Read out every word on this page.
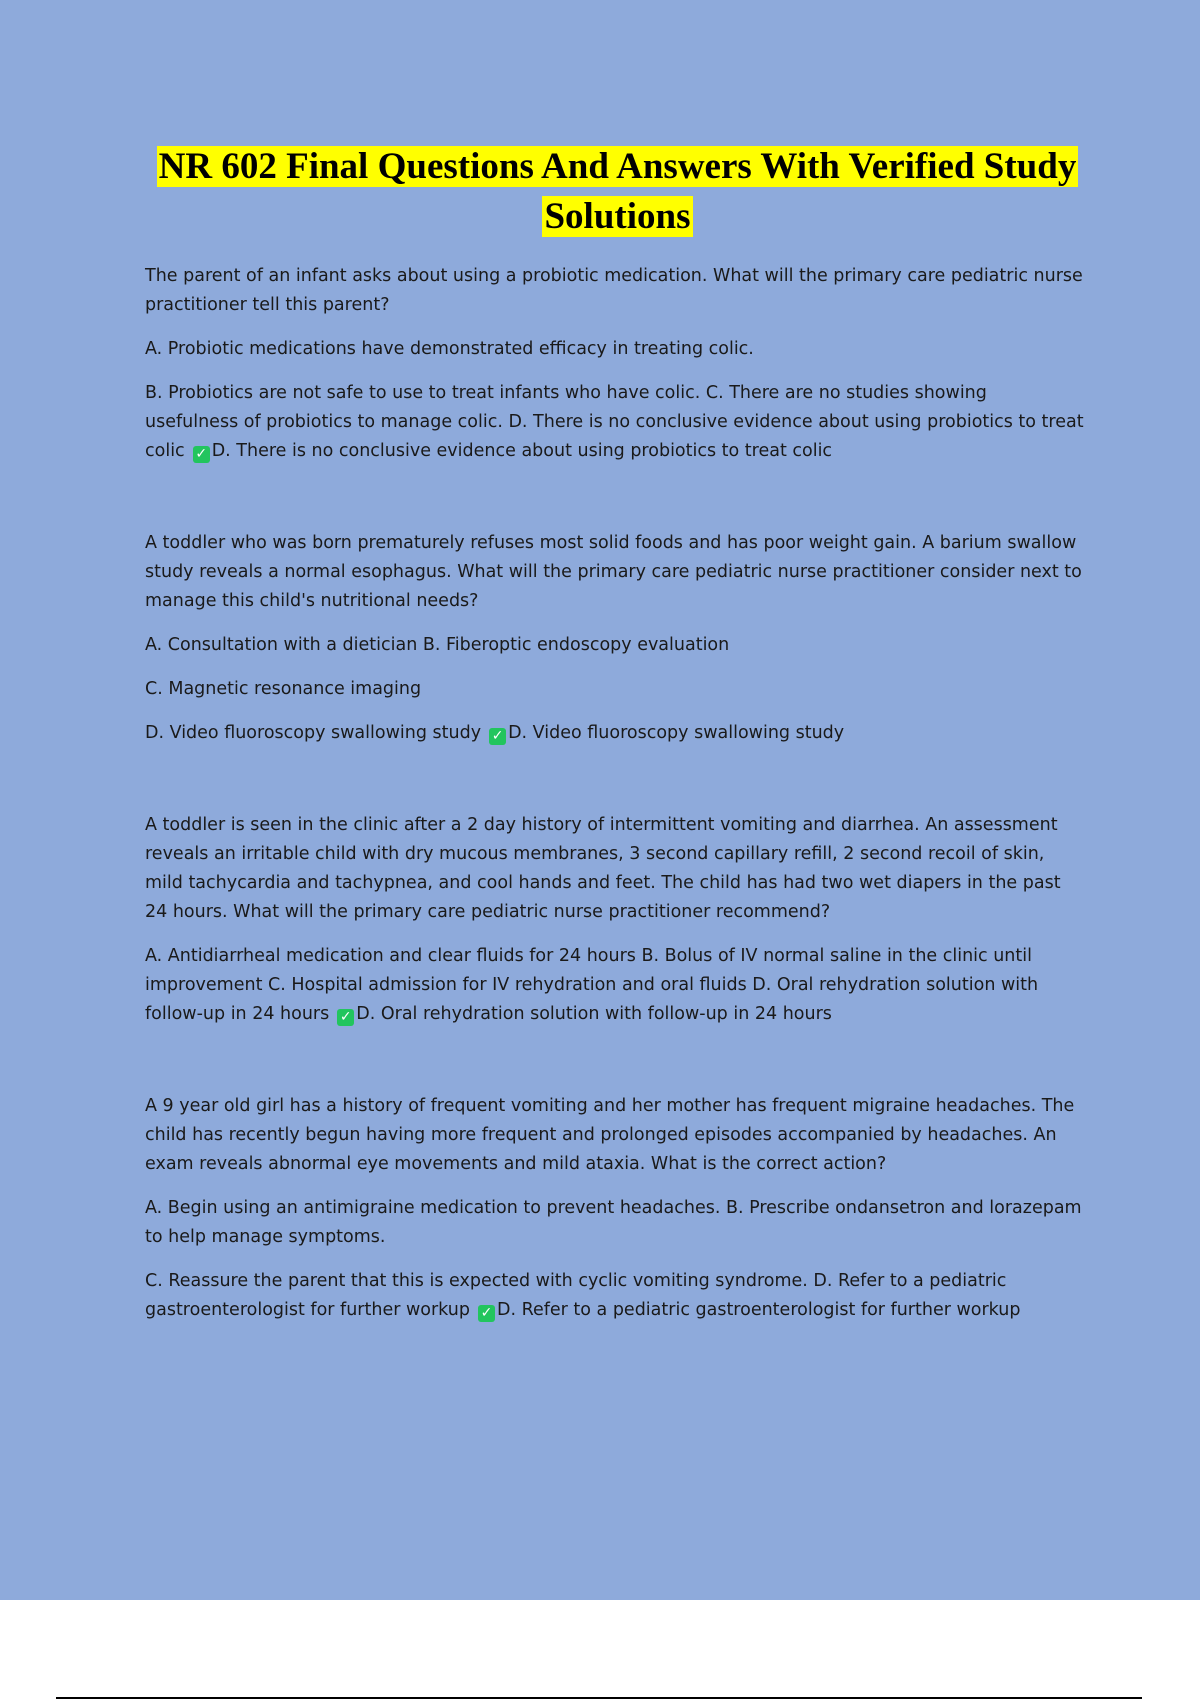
NR 602 Final Questions And Answers With Verified Study Solutions

The parent of an infant asks about using a probiotic medication. What will the primary care pediatric nurse practitioner tell this parent?

A. Probiotic medications have demonstrated efficacy in treating colic.

B. Probiotics are not safe to use to treat infants who have colic. C. There are no studies showing usefulness of probiotics to manage colic. D. There is no conclusive evidence about using probiotics to treat colic ✓ D. There is no conclusive evidence about using probiotics to treat colic

A toddler who was born prematurely refuses most solid foods and has poor weight gain. A barium swallow study reveals a normal esophagus. What will the primary care pediatric nurse practitioner consider next to manage this child's nutritional needs?

A. Consultation with a dietician B. Fiberoptic endoscopy evaluation

C. Magnetic resonance imaging

D. Video fluoroscopy swallowing study ✓ D. Video fluoroscopy swallowing study

A toddler is seen in the clinic after a 2 day history of intermittent vomiting and diarrhea. An assessment reveals an irritable child with dry mucous membranes, 3 second capillary refill, 2 second recoil of skin, mild tachycardia and tachypnea, and cool hands and feet. The child has had two wet diapers in the past 24 hours. What will the primary care pediatric nurse practitioner recommend?

A. Antidiarrheal medication and clear fluids for 24 hours B. Bolus of IV normal saline in the clinic until improvement C. Hospital admission for IV rehydration and oral fluids D. Oral rehydration solution with follow-up in 24 hours ✓ D. Oral rehydration solution with follow-up in 24 hours

A 9 year old girl has a history of frequent vomiting and her mother has frequent migraine headaches. The child has recently begun having more frequent and prolonged episodes accompanied by headaches. An exam reveals abnormal eye movements and mild ataxia. What is the correct action?

A. Begin using an antimigraine medication to prevent headaches. B. Prescribe ondansetron and lorazepam to help manage symptoms.

C. Reassure the parent that this is expected with cyclic vomiting syndrome. D. Refer to a pediatric gastroenterologist for further workup ✓ D. Refer to a pediatric gastroenterologist for further workup
